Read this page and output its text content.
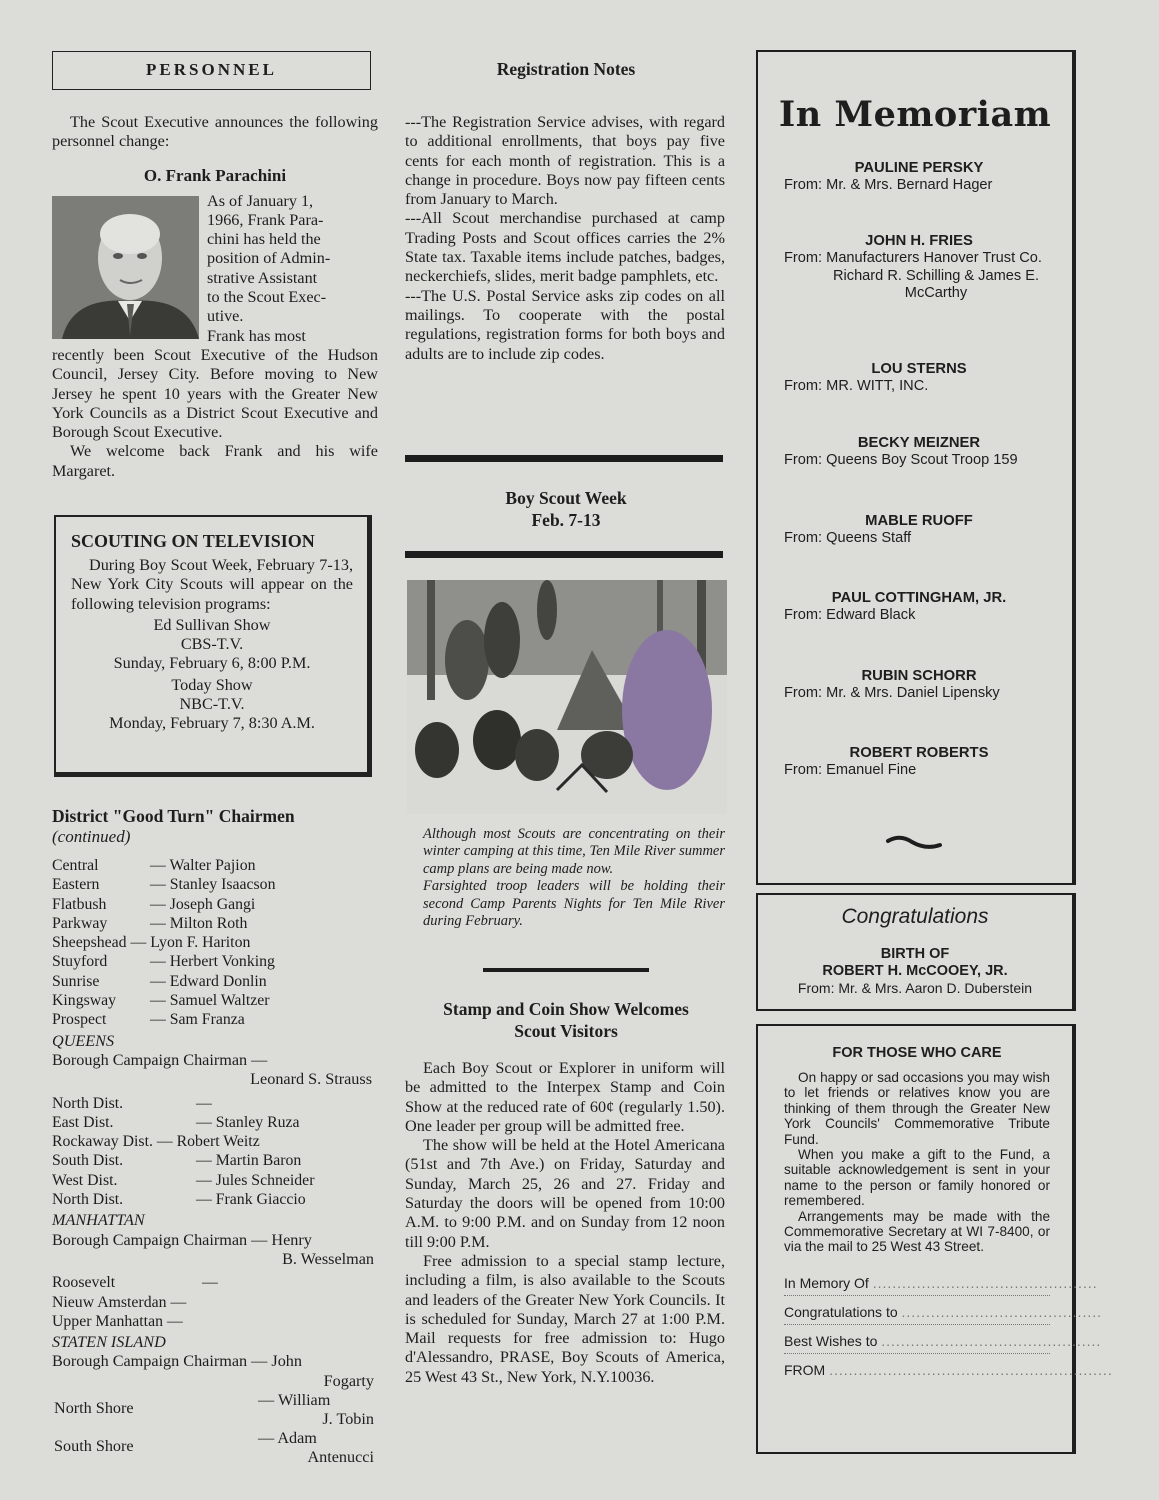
PERSONNEL

The Scout Executive announces the following personnel change:

O. Frank Parachini
As of January 1,
1966, Frank Para-
chini has held the
position of Admin-
strative Assistant
to the Scout Exec-
utive.
Frank has most

recently been Scout Executive of the Hudson Council, Jersey City. Before moving to New Jersey he spent 10 years with the Greater New York Councils as a District Scout Executive and Borough Scout Executive.

We welcome back Frank and his wife Margaret.

SCOUTING ON TELEVISION

During Boy Scout Week, February 7-13, New York City Scouts will appear on the following television programs:

Ed Sullivan Show
CBS-T.V.
Sunday, February 6, 8:00 P.M.
Today Show
NBC-T.V.
Monday, February 7, 8:30 A.M.
District "Good Turn" Chairmen
(continued)
Central	— Walter Pajion
Eastern	— Stanley Isaacson
Flatbush	— Joseph Gangi
Parkway	— Milton Roth
Sheepshead — Lyon F. Hariton	
Stuyford	— Herbert Vonking
Sunrise	— Edward Donlin
Kingsway	— Samuel Waltzer
Prospect	— Sam Franza
QUEENS
Borough Campaign Chairman —
Leonard S. Strauss
North Dist.	—
East Dist.	— Stanley Ruza
Rockaway Dist. — Robert Weitz	
South Dist.	— Martin Baron
West Dist.	— Jules Schneider
North Dist.	— Frank Giaccio
MANHATTAN
Borough Campaign Chairman — Henry
B. Wesselman
Roosevelt	—
Nieuw Amsterdan —
Upper Manhattan —
STATEN ISLAND
Borough Campaign Chairman — John
Fogarty
North Shore	— William
J. Tobin
South Shore	— Adam
Antenucci
Registration Notes

---The Registration Service advises, with regard to additional enrollments, that boys pay five cents for each month of registration. This is a change in procedure. Boys now pay fifteen cents from January to March.

---All Scout merchandise purchased at camp Trading Posts and Scout offices carries the 2% State tax. Taxable items include patches, badges, neckerchiefs, slides, merit badge pamphlets, etc.

---The U.S. Postal Service asks zip codes on all mailings. To cooperate with the postal regulations, registration forms for both boys and adults are to include zip codes.

Boy Scout Week
Feb. 7-13
Although most Scouts are concentrating on their winter camping at this time, Ten Mile River summer camp plans are being made now.
Farsighted troop leaders will be holding their second Camp Parents Nights for Ten Mile River during February.
Stamp and Coin Show Welcomes
Scout Visitors

Each Boy Scout or Explorer in uniform will be admitted to the Interpex Stamp and Coin Show at the reduced rate of 60¢ (regularly 1.50). One leader per group will be admitted free.

The show will be held at the Hotel Americana (51st and 7th Ave.) on Friday, Saturday and Sunday, March 25, 26 and 27. Friday and Saturday the doors will be opened from 10:00 A.M. to 9:00 P.M. and on Sunday from 12 noon till 9:00 P.M.

Free admission to a special stamp lecture, including a film, is also available to the Scouts and leaders of the Greater New York Councils. It is scheduled for Sunday, March 27 at 1:00 P.M. Mail requests for free admission to: Hugo d'Alessandro, PRASE, Boy Scouts of America, 25 West 43 St., New York, N.Y.10036.

In Memoriam
PAULINE PERSKY
From: Mr. & Mrs. Bernard Hager
JOHN H. FRIES
From: Manufacturers Hanover Trust Co.
Richard R. Schilling & James E. McCarthy
LOU STERNS
From: MR. WITT, INC.
BECKY MEIZNER
From: Queens Boy Scout Troop 159
MABLE RUOFF
From: Queens Staff
PAUL COTTINGHAM, JR.
From: Edward Black
RUBIN SCHORR
From: Mr. & Mrs. Daniel Lipensky
ROBERT ROBERTS
From: Emanuel Fine
Congratulations
BIRTH OF
ROBERT H. McCOOEY, JR.
From: Mr. & Mrs. Aaron D. Duberstein
FOR THOSE WHO CARE

On happy or sad occasions you may wish to let friends or relatives know you are thinking of them through the Greater New York Councils' Commemorative Tribute Fund.

When you make a gift to the Fund, a suitable acknowledgement is sent in your name to the person or family honored or remembered.

Arrangements may be made with the Commemorative Secretary at WI 7-8400, or via the mail to 25 West 43 Street.

In Memory Of ..............................................
Congratulations to .........................................
Best Wishes to .............................................
FROM ..........................................................
